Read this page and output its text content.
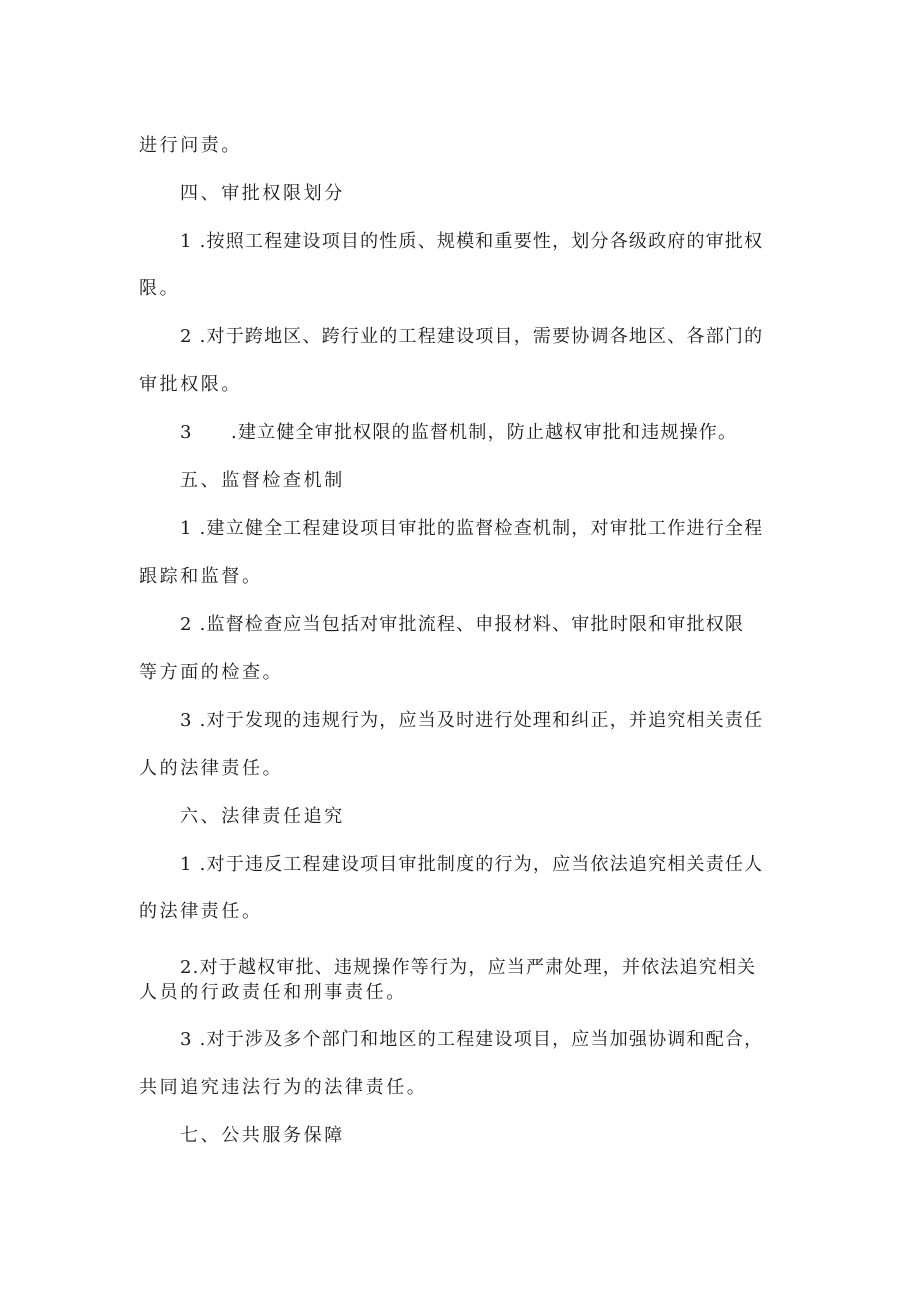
进行问责。
四、审批权限划分
1 .按照工程建设项目的性质、规模和重要性，划分各级政府的审批权
限。
2 .对于跨地区、跨行业的工程建设项目，需要协调各地区、各部门的
审批权限。
3　　.建立健全审批权限的监督机制，防止越权审批和违规操作。
五、监督检查机制
1 .建立健全工程建设项目审批的监督检查机制，对审批工作进行全程
跟踪和监督。
2 .监督检查应当包括对审批流程、申报材料、审批时限和审批权限
等方面的检查。
3 .对于发现的违规行为，应当及时进行处理和纠正，并追究相关责任
人的法律责任。
六、法律责任追究
1 .对于违反工程建设项目审批制度的行为，应当依法追究相关责任人
的法律责任。
2.对于越权审批、违规操作等行为，应当严肃处理，并依法追究相关
人员的行政责任和刑事责任。
3 .对于涉及多个部门和地区的工程建设项目，应当加强协调和配合，
共同追究违法行为的法律责任。
七、公共服务保障
